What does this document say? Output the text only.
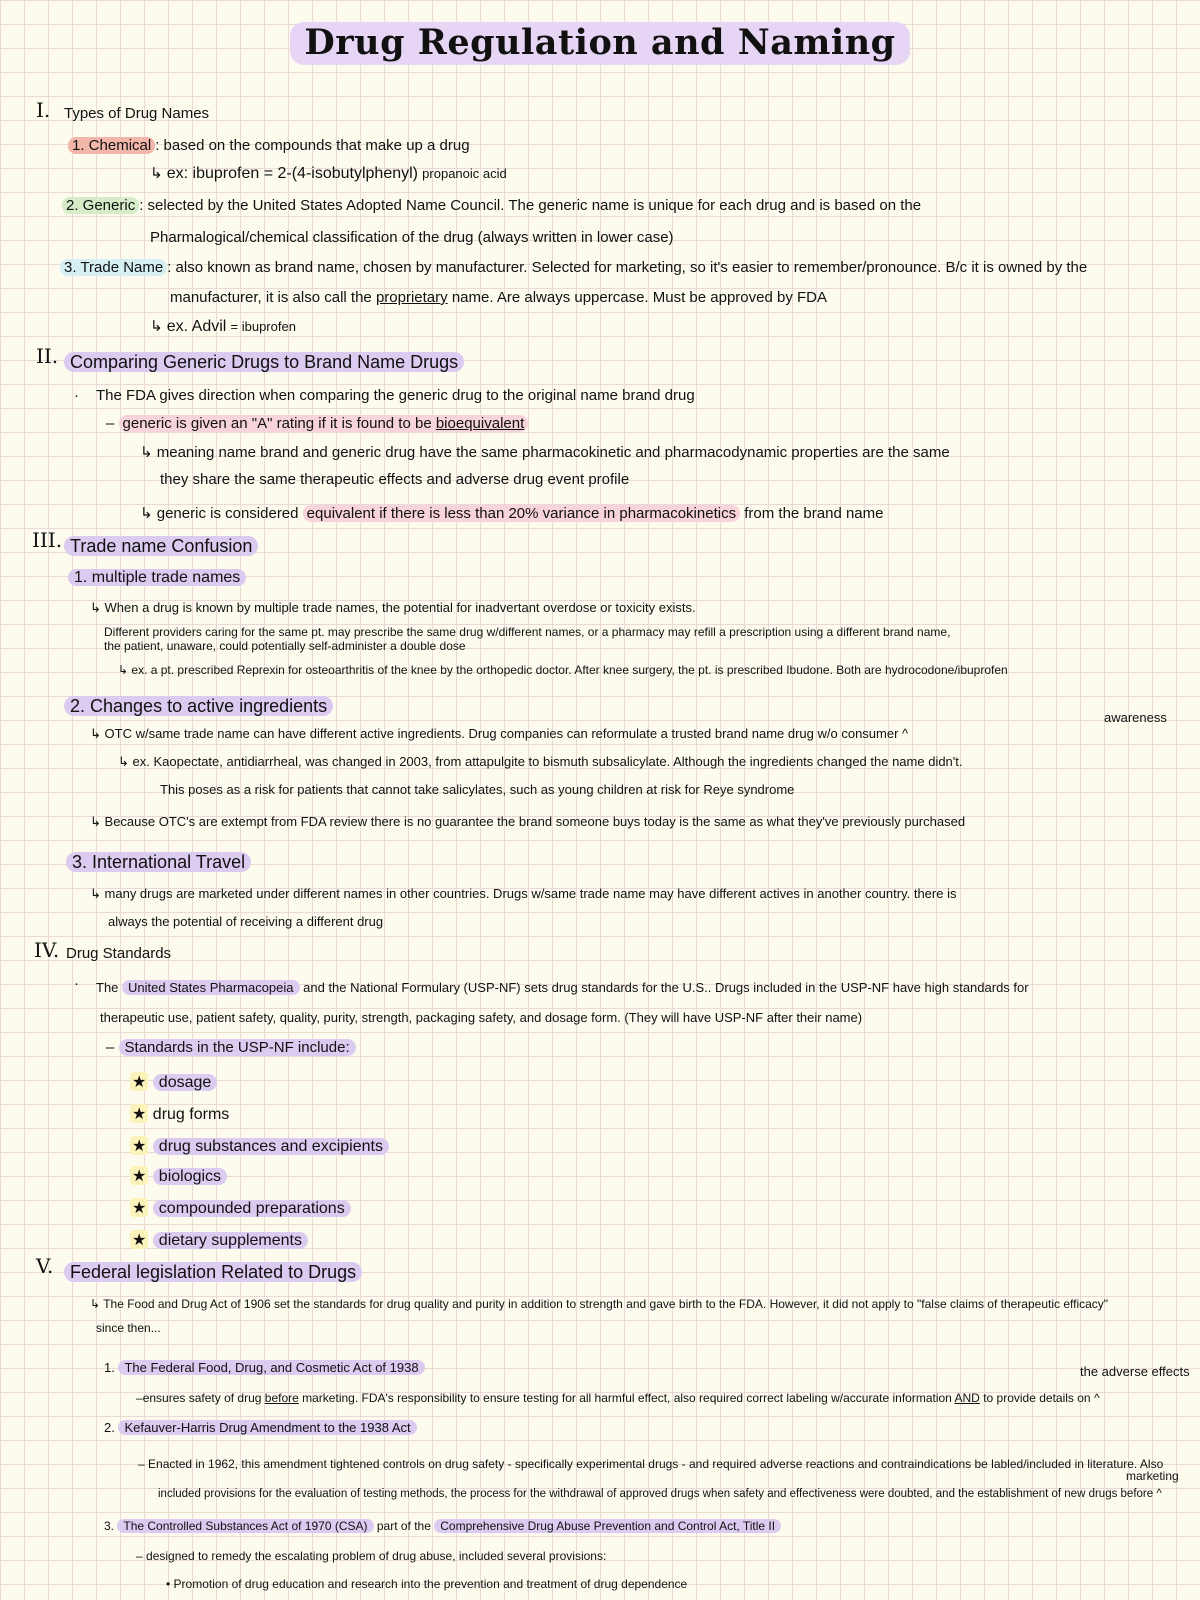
Drug Regulation and Naming
I. Types of Drug Names
1. Chemical : based on the compounds that make up a drug
↳ ex: ibuprofen = 2-(4-isobutylphenyl) propanoic acid
2. Generic : selected by the United States Adopted Name Council. The generic name is unique for each drug and is based on the
Pharmalogical/chemical classification of the drug (always written in lower case)
3. Trade Name : also known as brand name, chosen by manufacturer. Selected for marketing, so it's easier to remember/pronounce. B/c it is owned by the
manufacturer, it is also call the proprietary name. Are always uppercase. Must be approved by FDA
↳ ex. Advil = ibuprofen
II. Comparing Generic Drugs to Brand Name Drugs
· The FDA gives direction when comparing the generic drug to the original name brand drug
– generic is given an "A" rating if it is found to be bioequivalent
↳ meaning name brand and generic drug have the same pharmacokinetic and pharmacodynamic properties are the same
they share the same therapeutic effects and adverse drug event profile
↳ generic is considered equivalent if there is less than 20% variance in pharmacokinetics from the brand name
III. Trade name Confusion
1. multiple trade names
↳ When a drug is known by multiple trade names, the potential for inadvertant overdose or toxicity exists.
Different providers caring for the same pt. may prescribe the same drug w/different names, or a pharmacy may refill a prescription using a different brand name,
the patient, unaware, could potentially self-administer a double dose
↳ ex. a pt. prescribed Reprexin for osteoarthritis of the knee by the orthopedic doctor. After knee surgery, the pt. is prescribed Ibudone. Both are hydrocodone/ibuprofen
2. Changes to active ingredients
awareness
↳ OTC w/same trade name can have different active ingredients. Drug companies can reformulate a trusted brand name drug w/o consumer ^
↳ ex. Kaopectate, antidiarrheal, was changed in 2003, from attapulgite to bismuth subsalicylate. Although the ingredients changed the name didn't.
This poses as a risk for patients that cannot take salicylates, such as young children at risk for Reye syndrome
↳ Because OTC's are extempt from FDA review there is no guarantee the brand someone buys today is the same as what they've previously purchased
3. International Travel
↳ many drugs are marketed under different names in other countries. Drugs w/same trade name may have different actives in another country. there is
always the potential of receiving a different drug
IV. Drug Standards
· The United States Pharmacopeia and the National Formulary (USP-NF) sets drug standards for the U.S.. Drugs included in the USP-NF have high standards for
therapeutic use, patient safety, quality, purity, strength, packaging safety, and dosage form. (They will have USP-NF after their name)
– Standards in the USP-NF include:
★ dosage
★ drug forms
★ drug substances and excipients
★ biologics
★ compounded preparations
★ dietary supplements
V. Federal legislation Related to Drugs
↳ The Food and Drug Act of 1906 set the standards for drug quality and purity in addition to strength and gave birth to the FDA. However, it did not apply to "false claims of therapeutic efficacy"
since then...
1. The Federal Food, Drug, and Cosmetic Act of 1938	the adverse effects
–ensures safety of drug before marketing. FDA's responsibility to ensure testing for all harmful effect, also required correct labeling w/accurate information AND to provide details on ^
2. Kefauver-Harris Drug Amendment to the 1938 Act
– Enacted in 1962, this amendment tightened controls on drug safety - specifically experimental drugs - and required adverse reactions and contraindications be labled/included in literature. Also
marketing
included provisions for the evaluation of testing methods, the process for the withdrawal of approved drugs when safety and effectiveness were doubted, and the establishment of new drugs before ^
3. The Controlled Substances Act of 1970 (CSA) part of the Comprehensive Drug Abuse Prevention and Control Act, Title II
– designed to remedy the escalating problem of drug abuse, included several provisions:
• Promotion of drug education and research into the prevention and treatment of drug dependence
